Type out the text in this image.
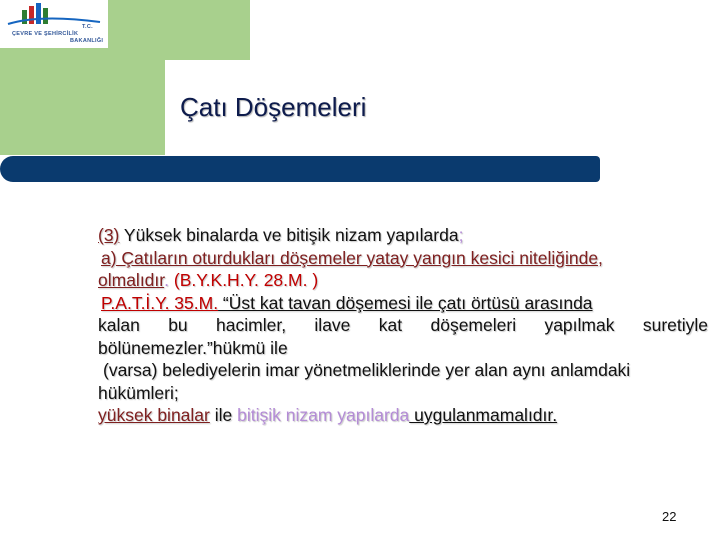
T.C.
ÇEVRE VE ŞEHİRCİLİK
BAKANLIĞI
Çatı Döşemeleri
(3) Yüksek binalarda ve bitişik nizam yapılarda;
a) Çatıların oturdukları döşemeler yatay yangın kesici niteliğinde,
olmalıdır. (B.Y.K.H.Y. 28.M. )
P.A.T.İ.Y. 35.M. “Üst kat tavan döşemesi ile çatı örtüsü arasında
kalan bu hacimler, ilave kat döşemeleri yapılmak suretiyle
bölünemezler.”hükmü ile
(varsa) belediyelerin imar yönetmeliklerinde yer alan aynı anlamdaki
hükümleri;
yüksek binalar ile bitişik nizam yapılarda uygulanmamalıdır.
22
